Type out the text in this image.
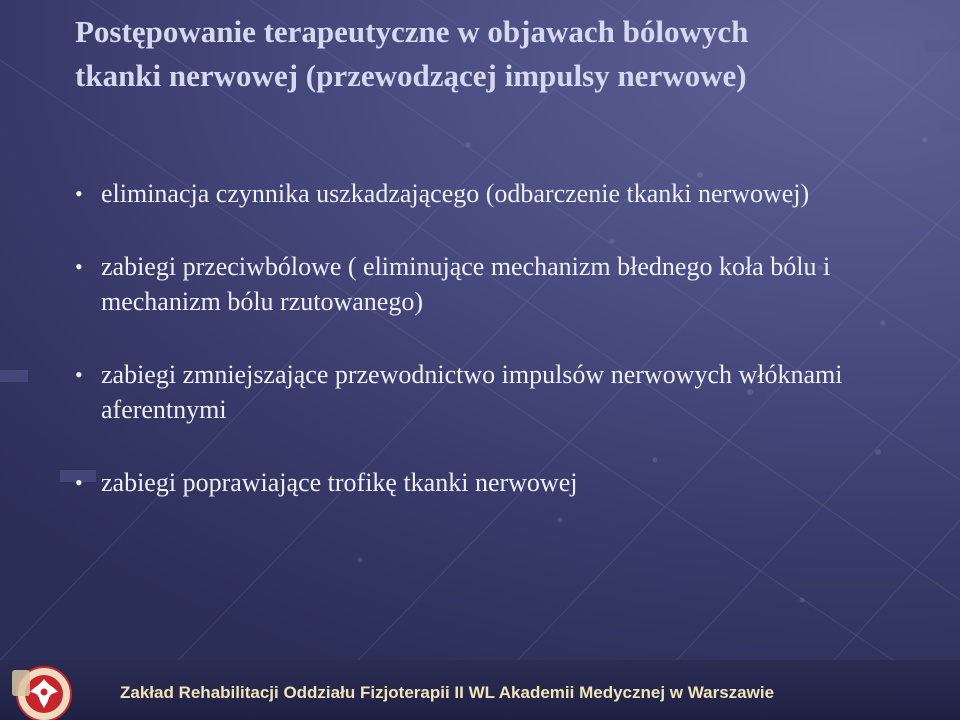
Postępowanie terapeutyczne w objawach bólowych
tkanki nerwowej (przewodzącej impulsy nerwowe)
• eliminacja czynnika uszkadzającego (odbarczenie tkanki nerwowej)
• zabiegi przeciwbólowe ( eliminujące mechanizm błednego koła bólu i mechanizm bólu rzutowanego)
• zabiegi zmniejszające przewodnictwo impulsów nerwowych włóknami aferentnymi
• zabiegi poprawiające trofikę tkanki nerwowej
Zakład Rehabilitacji Oddziału Fizjoterapii II WL Akademii Medycznej w Warszawie
